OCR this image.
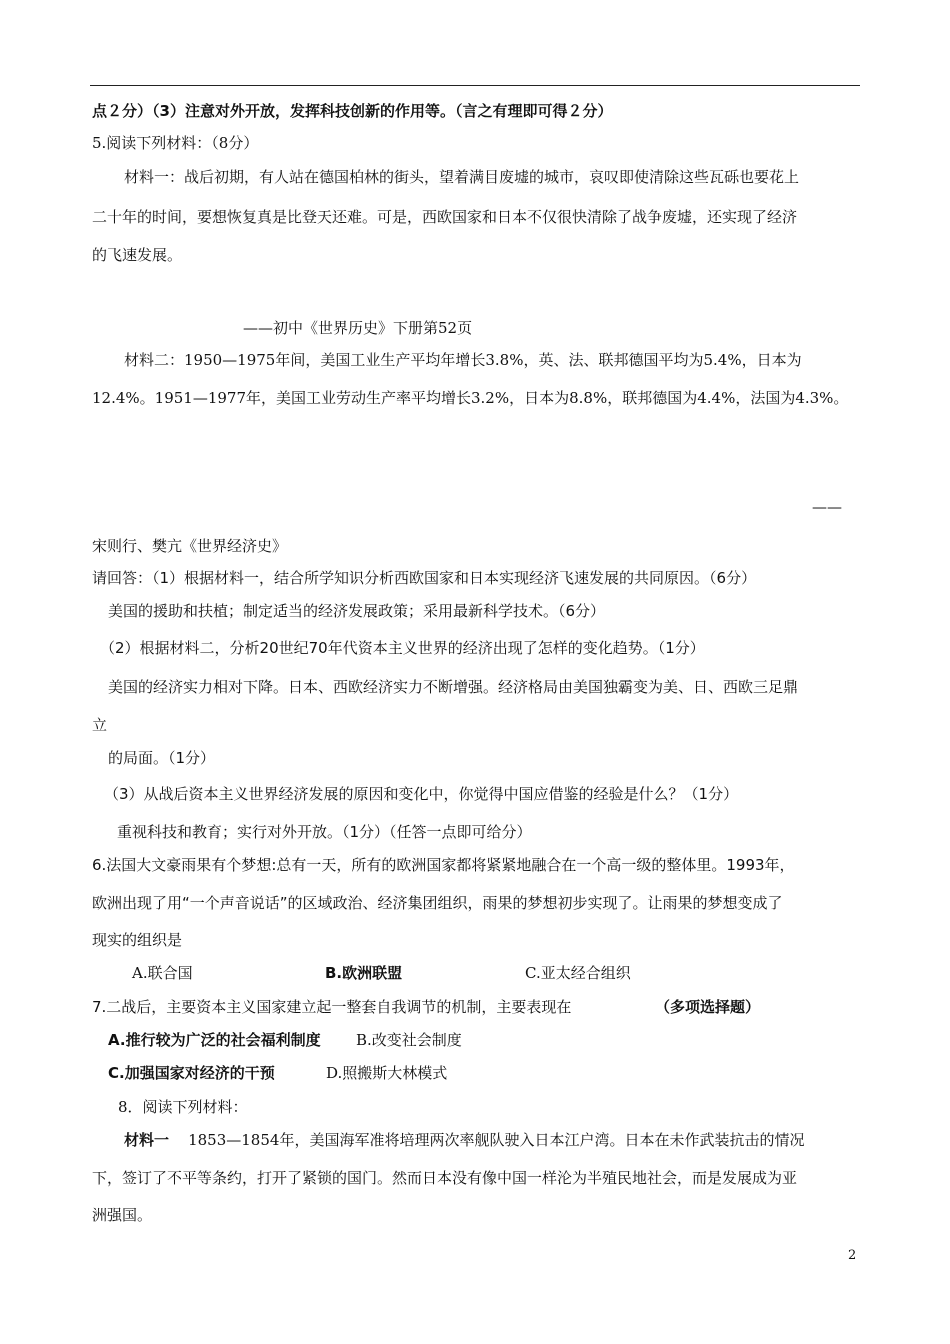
点２分）（3）注意对外开放，发挥科技创新的作用等。（言之有理即可得２分）
5.阅读下列材料：（8分）
材料一：战后初期，有人站在德国柏林的街头，望着满目废墟的城市，哀叹即使清除这些瓦砾也要花上
二十年的时间，要想恢复真是比登天还难。可是，西欧国家和日本不仅很快清除了战争废墟，还实现了经济
的飞速发展。
——初中《世界历史》下册第52页
材料二：1950—1975年间，美国工业生产平均年增长3.8%，英、法、联邦德国平均为5.4%，日本为
12.4%。1951—1977年，美国工业劳动生产率平均增长3.2%，日本为8.8%，联邦德国为4.4%，法国为4.3%。
——
宋则行、樊亢《世界经济史》
请回答：（1）根据材料一，结合所学知识分析西欧国家和日本实现经济飞速发展的共同原因。（6分）
美国的援助和扶植；制定适当的经济发展政策；采用最新科学技术。（6分）
（2）根据材料二，分析20世纪70年代资本主义世界的经济出现了怎样的变化趋势。（1分）
美国的经济实力相对下降。日本、西欧经济实力不断增强。经济格局由美国独霸变为美、日、西欧三足鼎
立
的局面。（1分）
（3）从战后资本主义世界经济发展的原因和变化中，你觉得中国应借鉴的经验是什么？（1分）
重视科技和教育；实行对外开放。（1分）（任答一点即可给分）
6.法国大文豪雨果有个梦想:总有一天，所有的欧洲国家都将紧紧地融合在一个高一级的整体里。1993年，
欧洲出现了用“一个声音说话”的区域政治、经济集团组织，雨果的梦想初步实现了。让雨果的梦想变成了
现实的组织是
A.联合国	B.欧洲联盟	C.亚太经合组织
7.二战后，主要资本主义国家建立起一整套自我调节的机制，主要表现在	（多项选择题）
A.推行较为广泛的社会福利制度 B.改变社会制度
C.加强国家对经济的干预	D.照搬斯大林模式
8．阅读下列材料：
材料一 1853—1854年，美国海军准将培理两次率舰队驶入日本江户湾。日本在未作武装抗击的情况
下，签订了不平等条约，打开了紧锁的国门。然而日本没有像中国一样沦为半殖民地社会，而是发展成为亚
洲强国。
2
